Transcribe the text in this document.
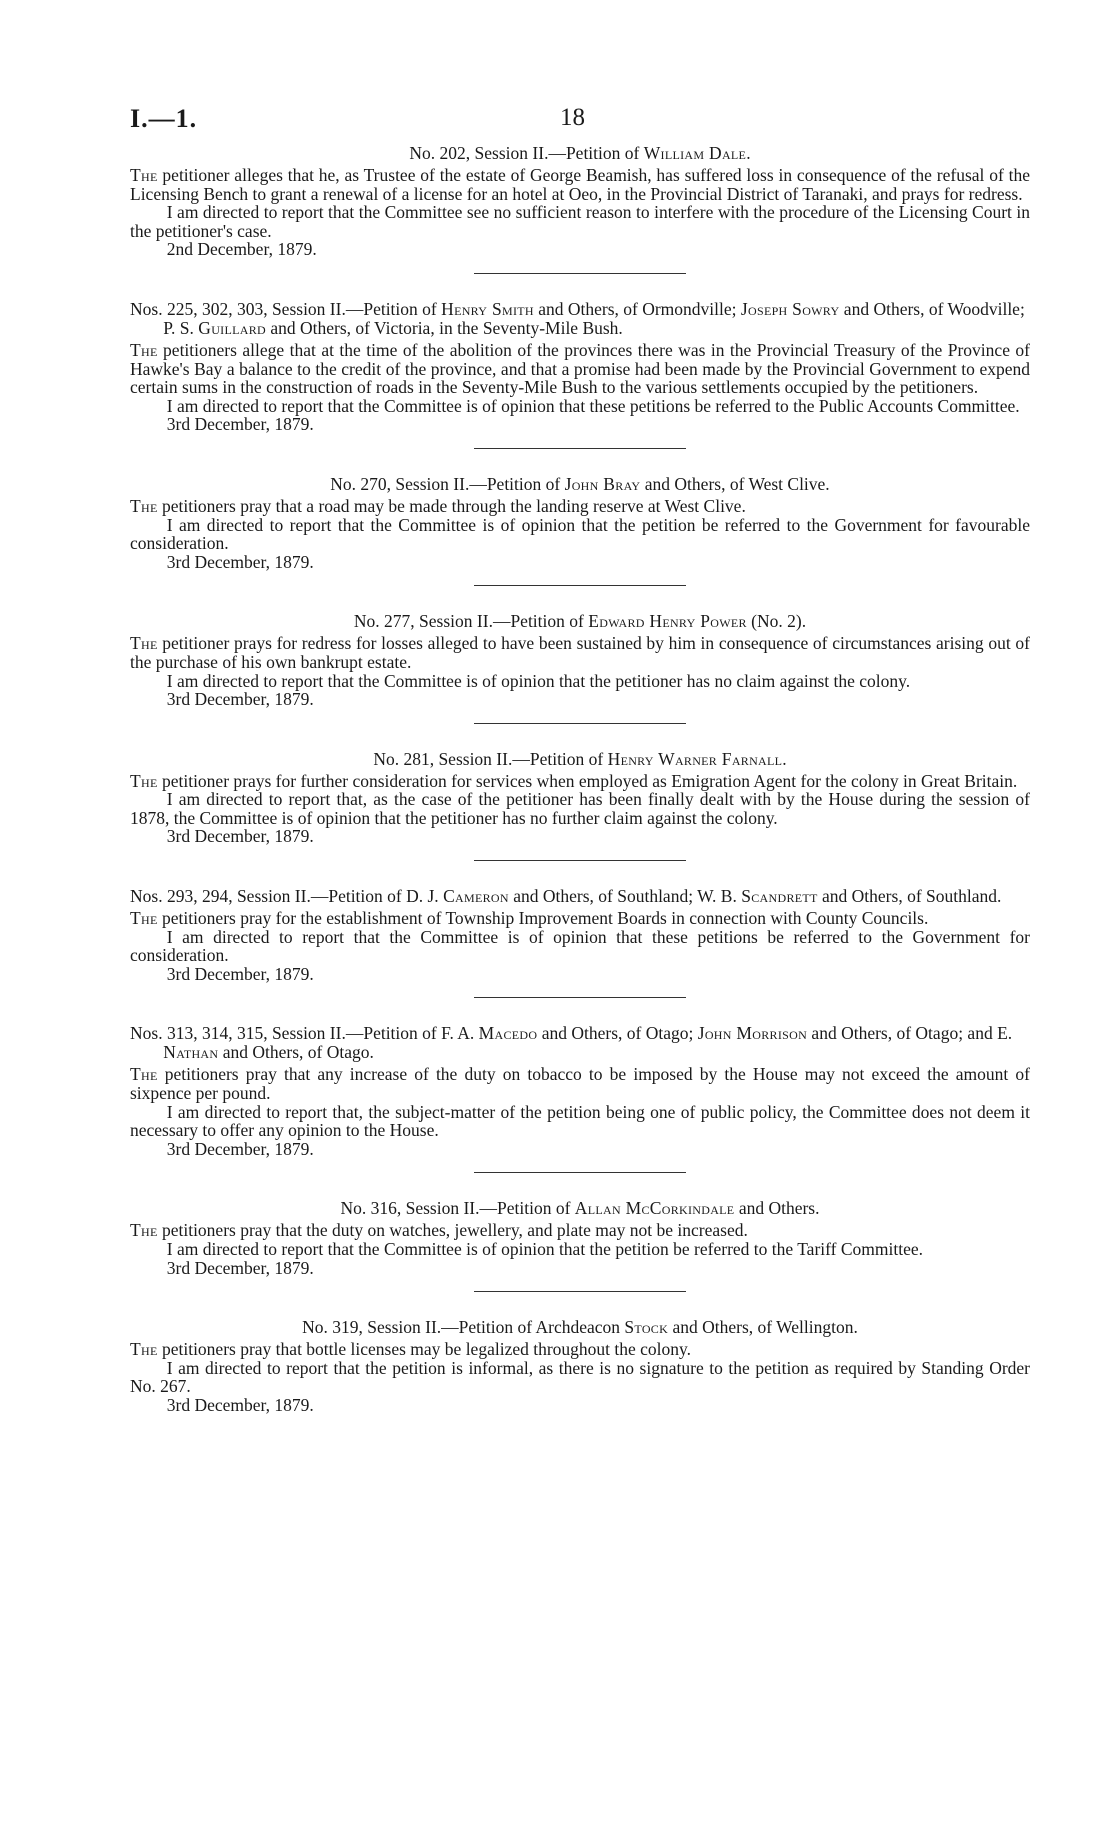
I.—1.	18

No. 202, Session II.—Petition of William Dale.

The petitioner alleges that he, as Trustee of the estate of George Beamish, has suffered loss in consequence of the refusal of the Licensing Bench to grant a renewal of a license for an hotel at Oeo, in the Provincial District of Taranaki, and prays for redress.

I am directed to report that the Committee see no sufficient reason to interfere with the procedure of the Licensing Court in the petitioner's case.

2nd December, 1879.

Nos. 225, 302, 303, Session II.—Petition of Henry Smith and Others, of Ormondville; Joseph Sowry and Others, of Woodville; P. S. Guillard and Others, of Victoria, in the Seventy-Mile Bush.

The petitioners allege that at the time of the abolition of the provinces there was in the Provincial Treasury of the Province of Hawke's Bay a balance to the credit of the province, and that a promise had been made by the Provincial Government to expend certain sums in the construction of roads in the Seventy-Mile Bush to the various settlements occupied by the petitioners.

I am directed to report that the Committee is of opinion that these petitions be referred to the Public Accounts Committee.

3rd December, 1879.

No. 270, Session II.—Petition of John Bray and Others, of West Clive.

The petitioners pray that a road may be made through the landing reserve at West Clive.

I am directed to report that the Committee is of opinion that the petition be referred to the Government for favourable consideration.

3rd December, 1879.

No. 277, Session II.—Petition of Edward Henry Power (No. 2).

The petitioner prays for redress for losses alleged to have been sustained by him in consequence of circumstances arising out of the purchase of his own bankrupt estate.

I am directed to report that the Committee is of opinion that the petitioner has no claim against the colony.

3rd December, 1879.

No. 281, Session II.—Petition of Henry Warner Farnall.

The petitioner prays for further consideration for services when employed as Emigration Agent for the colony in Great Britain.

I am directed to report that, as the case of the petitioner has been finally dealt with by the House during the session of 1878, the Committee is of opinion that the petitioner has no further claim against the colony.

3rd December, 1879.

Nos. 293, 294, Session II.—Petition of D. J. Cameron and Others, of Southland; W. B. Scandrett and Others, of Southland.

The petitioners pray for the establishment of Township Improvement Boards in connection with County Councils.

I am directed to report that the Committee is of opinion that these petitions be referred to the Government for consideration.

3rd December, 1879.

Nos. 313, 314, 315, Session II.—Petition of F. A. Macedo and Others, of Otago; John Morrison and Others, of Otago; and E. Nathan and Others, of Otago.

The petitioners pray that any increase of the duty on tobacco to be imposed by the House may not exceed the amount of sixpence per pound.

I am directed to report that, the subject-matter of the petition being one of public policy, the Committee does not deem it necessary to offer any opinion to the House.

3rd December, 1879.

No. 316, Session II.—Petition of Allan McCorkindale and Others.

The petitioners pray that the duty on watches, jewellery, and plate may not be increased.

I am directed to report that the Committee is of opinion that the petition be referred to the Tariff Committee.

3rd December, 1879.

No. 319, Session II.—Petition of Archdeacon Stock and Others, of Wellington.

The petitioners pray that bottle licenses may be legalized throughout the colony.

I am directed to report that the petition is informal, as there is no signature to the petition as required by Standing Order No. 267.

3rd December, 1879.
